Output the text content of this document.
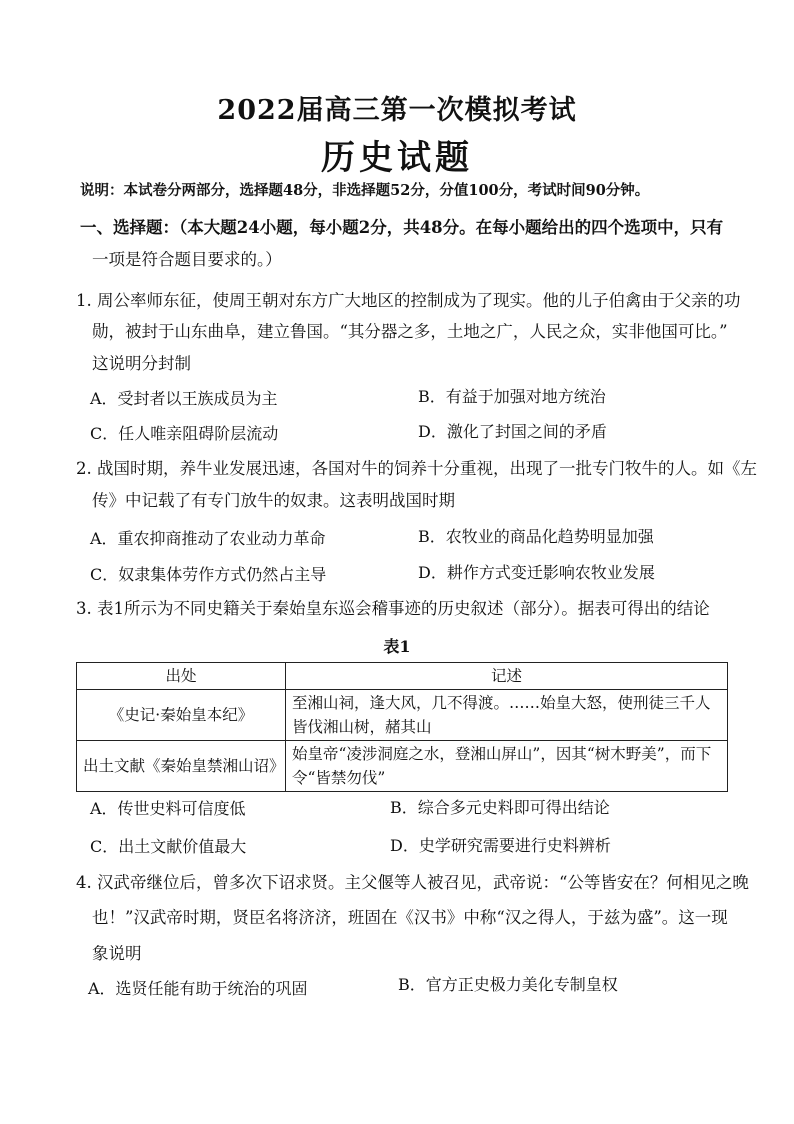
2022届高三第一次模拟考试
历史试题
说明：本试卷分两部分，选择题48分，非选择题52分，分值100分，考试时间90分钟。
一、选择题：（本大题24小题，每小题2分，共48分。在每小题给出的四个选项中，只有
一项是符合题目要求的。）
1. 周公率师东征，使周王朝对东方广大地区的控制成为了现实。他的儿子伯禽由于父亲的功
勋，被封于山东曲阜，建立鲁国。“其分器之多，土地之广，人民之众，实非他国可比。”
这说明分封制
A．受封者以王族成员为主	B．有益于加强对地方统治
C．任人唯亲阻碍阶层流动	D．激化了封国之间的矛盾
2. 战国时期，养牛业发展迅速，各国对牛的饲养十分重视，出现了一批专门牧牛的人。如《左
传》中记载了有专门放牛的奴隶。这表明战国时期
A．重农抑商推动了农业动力革命	B．农牧业的商品化趋势明显加强
C．奴隶集体劳作方式仍然占主导	D．耕作方式变迁影响农牧业发展
3. 表1所示为不同史籍关于秦始皇东巡会稽事迹的历史叙述（部分）。据表可得出的结论
表1
出处	记述
《史记·秦始皇本纪》	至湘山祠，逢大风，几不得渡。……始皇大怒，使刑徒三千人皆伐湘山树，赭其山
出土文献《秦始皇禁湘山诏》	始皇帝“凌涉洞庭之水，登湘山屏山”，因其“树木野美”，而下令“皆禁勿伐”
A．传世史料可信度低	B．综合多元史料即可得出结论
C．出土文献价值最大	D．史学研究需要进行史料辨析
4. 汉武帝继位后，曾多次下诏求贤。主父偃等人被召见，武帝说：“公等皆安在？何相见之晚
也！”汉武帝时期，贤臣名将济济，班固在《汉书》中称“汉之得人，于兹为盛”。这一现
象说明
A．选贤任能有助于统治的巩固	B．官方正史极力美化专制皇权
